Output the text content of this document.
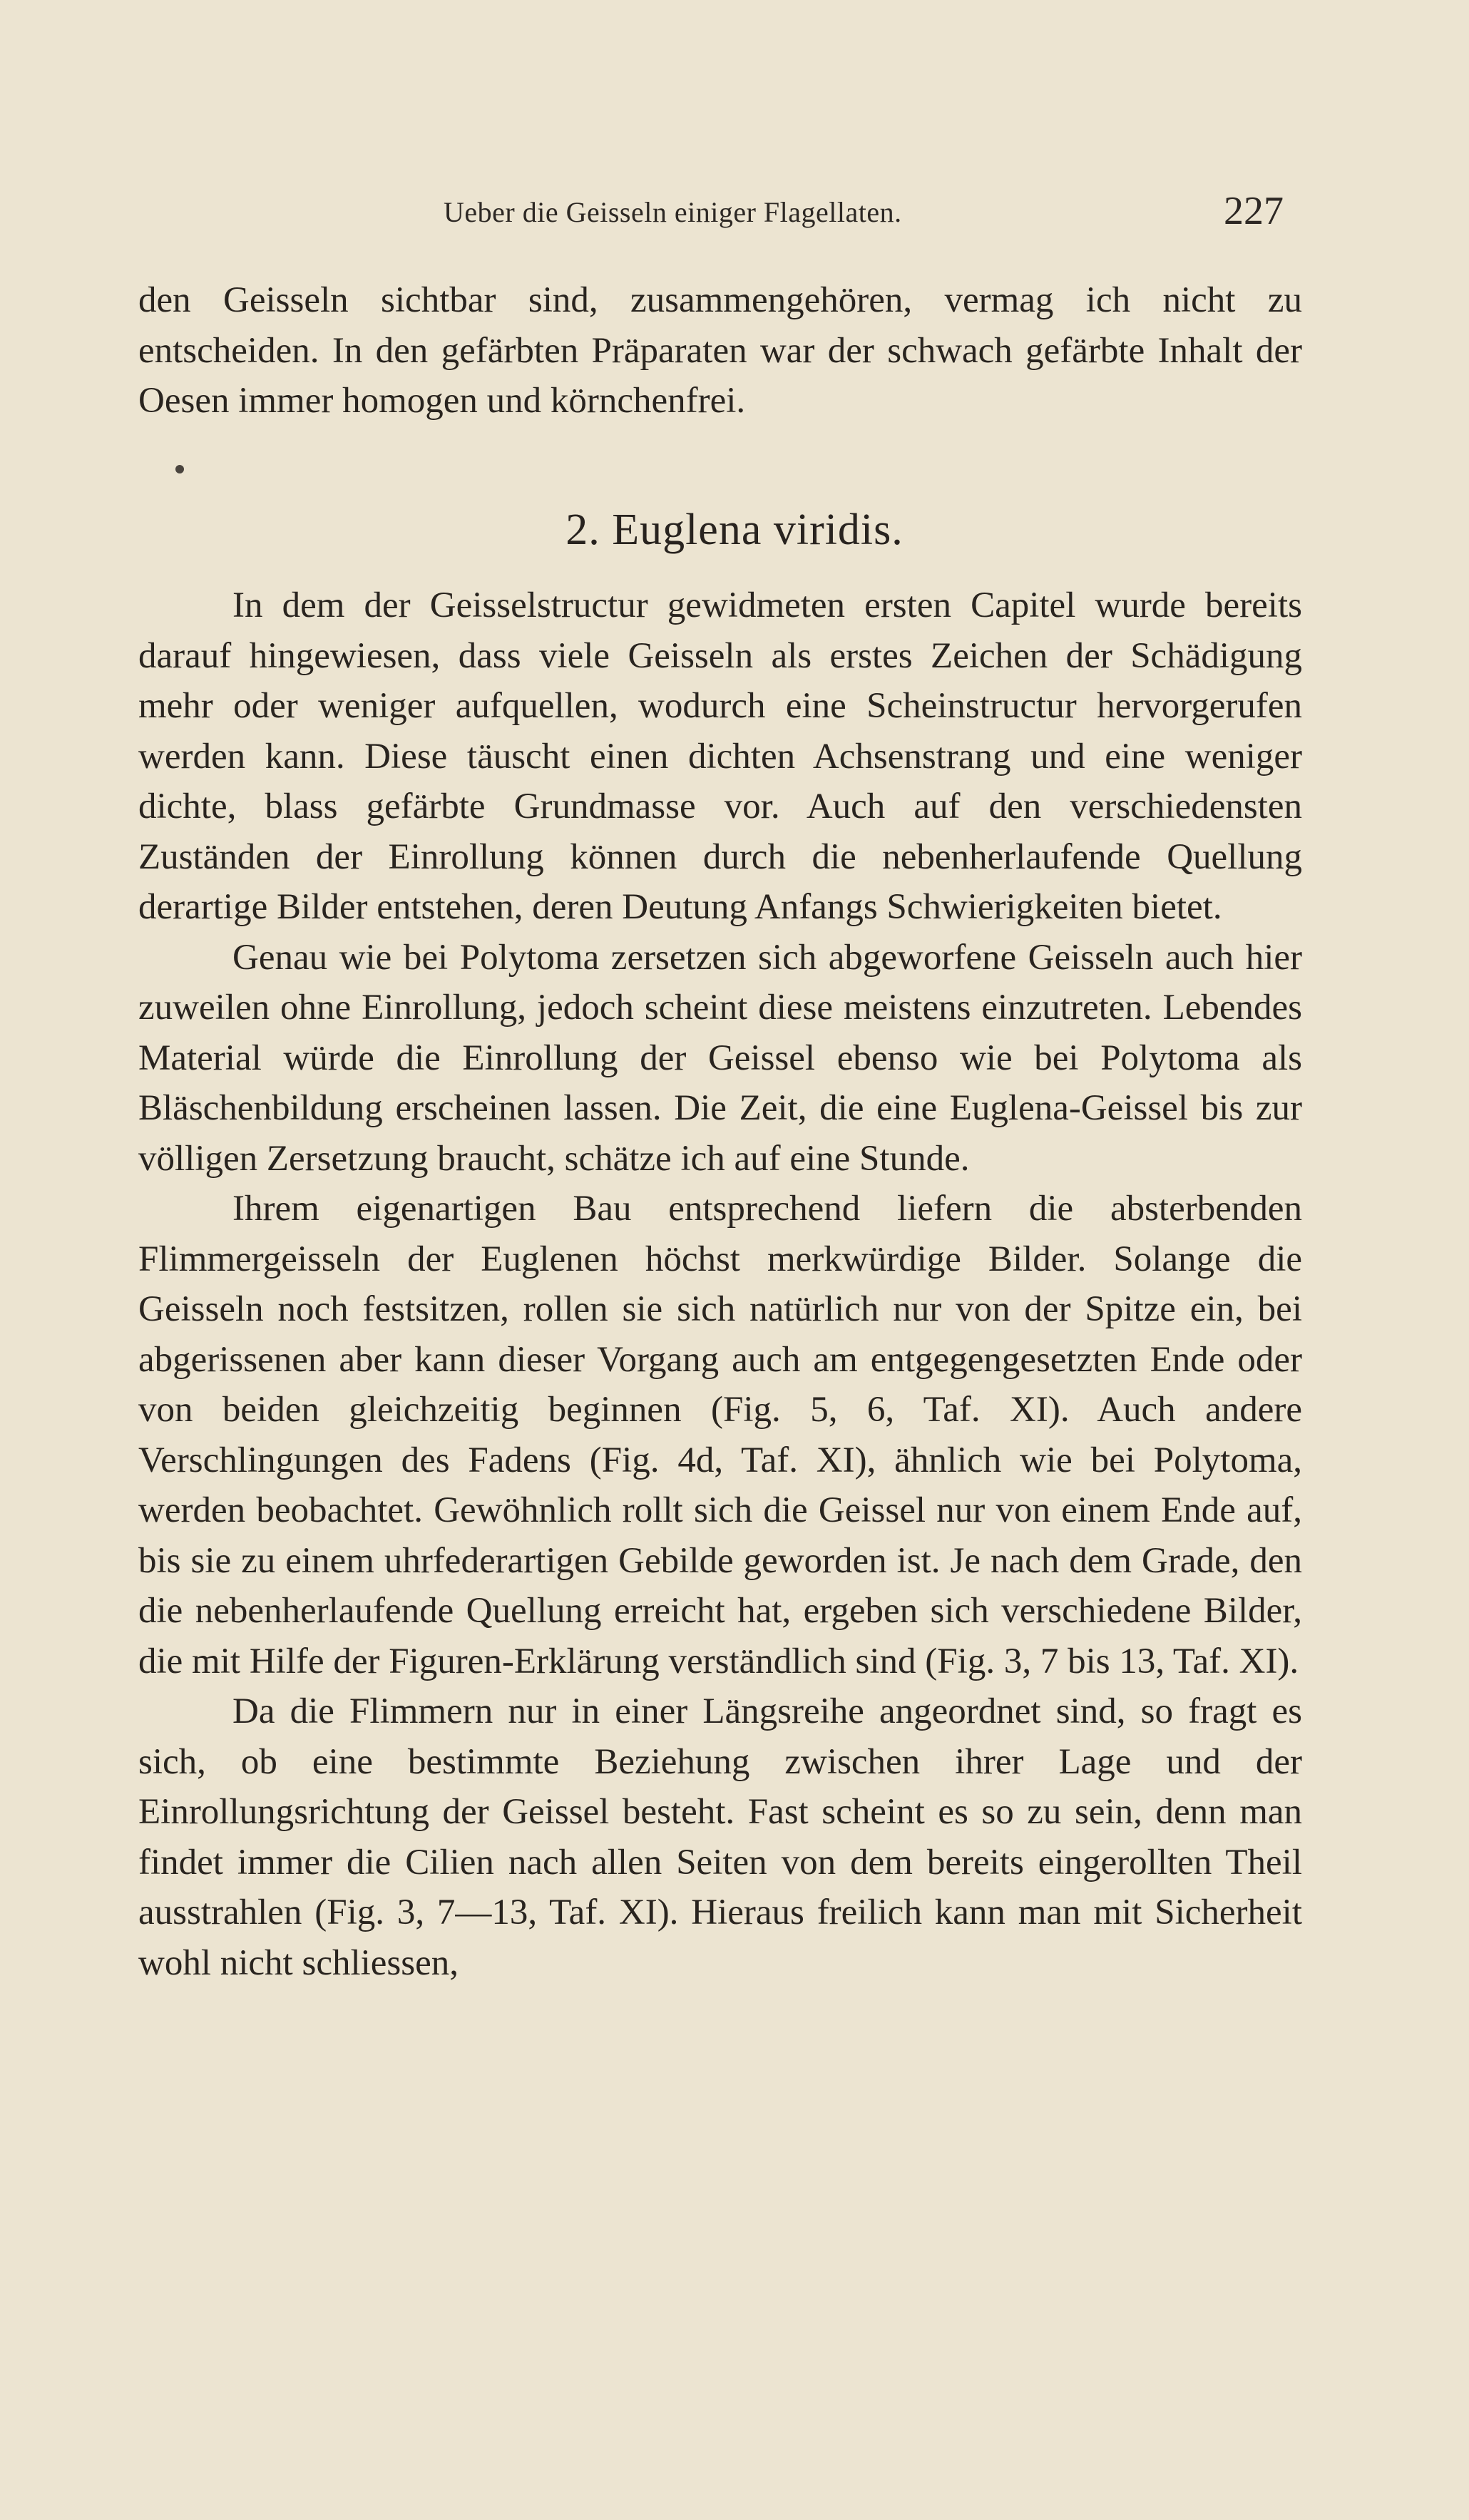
Ueber die Geisseln einiger Flagellaten.	227

den Geisseln sichtbar sind, zusammengehören, vermag ich nicht zu entscheiden. In den gefärbten Präparaten war der schwach gefärbte Inhalt der Oesen immer homogen und körnchenfrei.

2. Euglena viridis.

In dem der Geisselstructur gewidmeten ersten Capitel wurde bereits darauf hingewiesen, dass viele Geisseln als erstes Zeichen der Schädigung mehr oder weniger aufquellen, wodurch eine Scheinstructur hervorgerufen werden kann. Diese täuscht einen dichten Achsenstrang und eine weniger dichte, blass gefärbte Grundmasse vor. Auch auf den verschiedensten Zuständen der Einrollung können durch die nebenherlaufende Quellung derartige Bilder entstehen, deren Deutung Anfangs Schwierigkeiten bietet.

Genau wie bei Polytoma zersetzen sich abgeworfene Geisseln auch hier zuweilen ohne Einrollung, jedoch scheint diese meistens einzutreten. Lebendes Material würde die Einrollung der Geissel ebenso wie bei Polytoma als Bläschenbildung erscheinen lassen. Die Zeit, die eine Euglena-Geissel bis zur völligen Zersetzung braucht, schätze ich auf eine Stunde.

Ihrem eigenartigen Bau entsprechend liefern die absterbenden Flimmergeisseln der Euglenen höchst merkwürdige Bilder. Solange die Geisseln noch festsitzen, rollen sie sich natürlich nur von der Spitze ein, bei abgerissenen aber kann dieser Vorgang auch am entgegengesetzten Ende oder von beiden gleichzeitig beginnen (Fig. 5, 6, Taf. XI). Auch andere Verschlingungen des Fadens (Fig. 4d, Taf. XI), ähnlich wie bei Polytoma, werden beobachtet. Gewöhnlich rollt sich die Geissel nur von einem Ende auf, bis sie zu einem uhrfederartigen Gebilde geworden ist. Je nach dem Grade, den die nebenherlaufende Quellung erreicht hat, ergeben sich verschiedene Bilder, die mit Hilfe der Figuren-Erklärung verständlich sind (Fig. 3, 7 bis 13, Taf. XI).

Da die Flimmern nur in einer Längsreihe angeordnet sind, so fragt es sich, ob eine bestimmte Beziehung zwischen ihrer Lage und der Einrollungsrichtung der Geissel besteht. Fast scheint es so zu sein, denn man findet immer die Cilien nach allen Seiten von dem bereits eingerollten Theil ausstrahlen (Fig. 3, 7—13, Taf. XI). Hieraus freilich kann man mit Sicherheit wohl nicht schliessen,
